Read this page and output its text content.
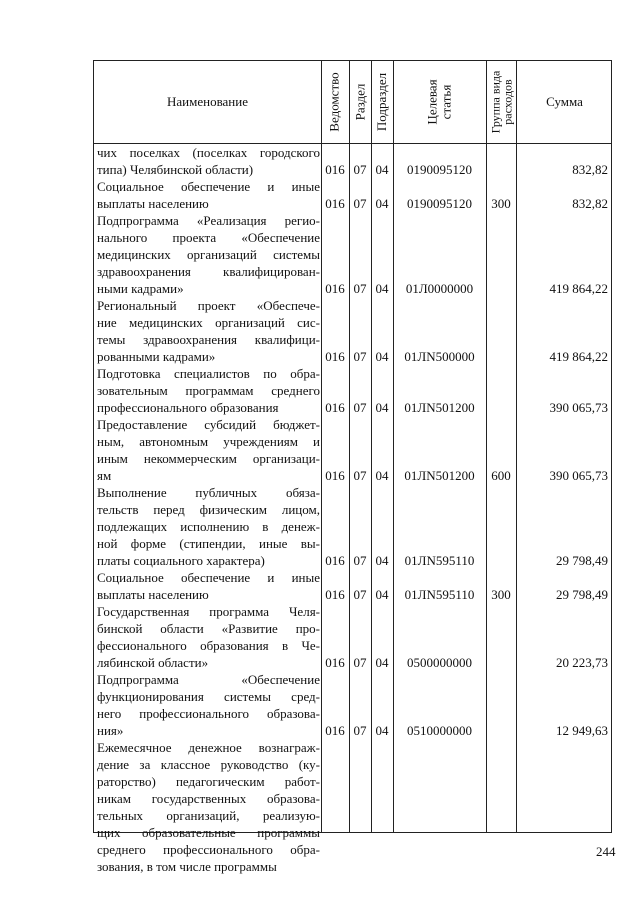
Наименование	Ведомство Раздел Подраздел	Целевая статья	Группа вида
расходов	Сумма
чих поселках (поселках городского
типа) Челябинской области)	016 07 04	0190095120	832,82
Социальное обеспечение и иные
выплаты населению	016 07 04	0190095120	300	832,82
Подпрограмма «Реализация регио-
нального проекта «Обеспечение
медицинских организаций системы
здравоохранения квалифицирован-
ными кадрами»	016 07 04	01Л0000000	419 864,22
Региональный проект «Обеспече-
ние медицинских организаций сис-
темы здравоохранения квалифици-
рованными кадрами»	016 07 04	01ЛN500000	419 864,22
Подготовка специалистов по обра-
зовательным программам среднего
профессионального образования	016 07 04	01ЛN501200	390 065,73
Предоставление субсидий бюджет-
ным, автономным учреждениям и
иным некоммерческим организаци-
ям	016 07 04	01ЛN501200	600	390 065,73
Выполнение публичных обяза-
тельств перед физическим лицом,
подлежащих исполнению в денеж-
ной форме (стипендии, иные вы-
платы социального характера)	016 07 04	01ЛN595110	29 798,49
Социальное обеспечение и иные
выплаты населению	016 07 04	01ЛN595110	300	29 798,49
Государственная программа Челя-
бинской области «Развитие про-
фессионального образования в Че-
лябинской области»	016 07 04	0500000000	20 223,73
Подпрограмма «Обеспечение
функционирования системы сред-
него профессионального образова-
ния»	016 07 04	0510000000	12 949,63
Ежемесячное денежное вознаграж-
дение за классное руководство (ку-
раторство) педагогическим работ-
никам государственных образова-
тельных организаций, реализую-
щих образовательные программы
среднего профессионального обра-
зования, в том числе программы
244
